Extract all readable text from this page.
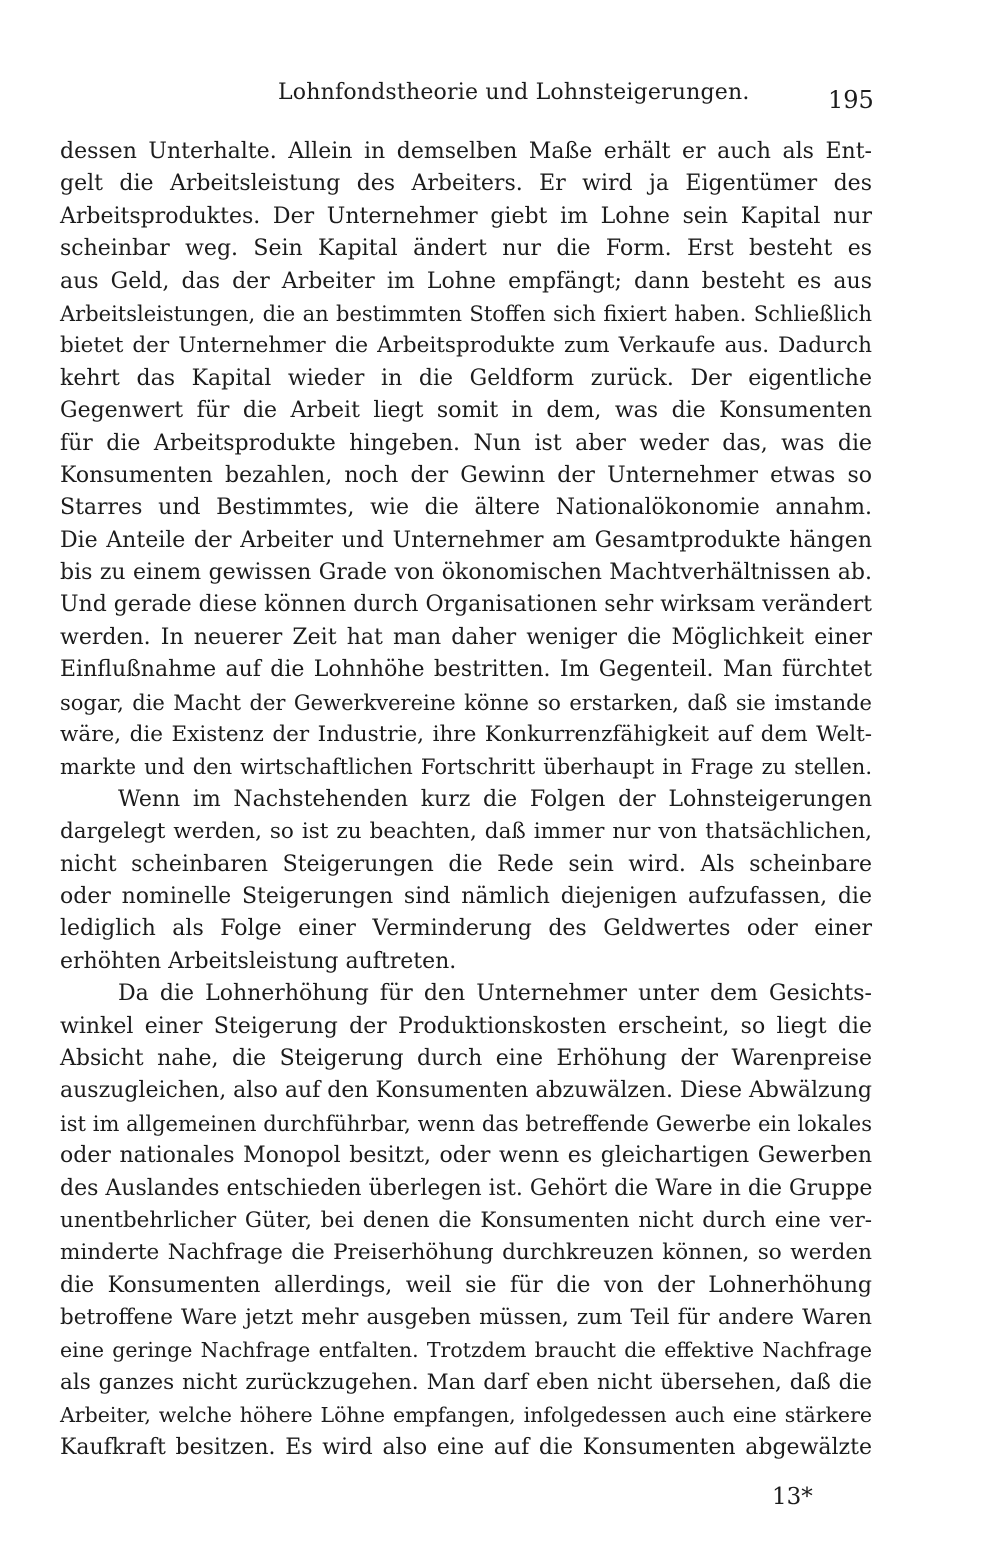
Lohnfondstheorie und Lohnsteigerungen.	195
dessen Unterhalte. Allein in demselben Maße erhält er auch als Ent-
gelt die Arbeitsleistung des Arbeiters. Er wird ja Eigentümer des
Arbeitsproduktes. Der Unternehmer giebt im Lohne sein Kapital nur
scheinbar weg. Sein Kapital ändert nur die Form. Erst besteht es
aus Geld, das der Arbeiter im Lohne empfängt; dann besteht es aus
Arbeitsleistungen, die an bestimmten Stoffen sich fixiert haben. Schließlich
bietet der Unternehmer die Arbeitsprodukte zum Verkaufe aus. Dadurch
kehrt das Kapital wieder in die Geldform zurück. Der eigentliche
Gegenwert für die Arbeit liegt somit in dem, was die Konsumenten
für die Arbeitsprodukte hingeben. Nun ist aber weder das, was die
Konsumenten bezahlen, noch der Gewinn der Unternehmer etwas so
Starres und Bestimmtes, wie die ältere Nationalökonomie annahm.
Die Anteile der Arbeiter und Unternehmer am Gesamtprodukte hängen
bis zu einem gewissen Grade von ökonomischen Machtverhältnissen ab.
Und gerade diese können durch Organisationen sehr wirksam verändert
werden. In neuerer Zeit hat man daher weniger die Möglichkeit einer
Einflußnahme auf die Lohnhöhe bestritten. Im Gegenteil. Man fürchtet
sogar, die Macht der Gewerkvereine könne so erstarken, daß sie imstande
wäre, die Existenz der Industrie, ihre Konkurrenzfähigkeit auf dem Welt-
markte und den wirtschaftlichen Fortschritt überhaupt in Frage zu stellen.
Wenn im Nachstehenden kurz die Folgen der Lohnsteigerungen
dargelegt werden, so ist zu beachten, daß immer nur von thatsächlichen,
nicht scheinbaren Steigerungen die Rede sein wird. Als scheinbare
oder nominelle Steigerungen sind nämlich diejenigen aufzufassen, die
lediglich als Folge einer Verminderung des Geldwertes oder einer
erhöhten Arbeitsleistung auftreten.
Da die Lohnerhöhung für den Unternehmer unter dem Gesichts-
winkel einer Steigerung der Produktionskosten erscheint, so liegt die
Absicht nahe, die Steigerung durch eine Erhöhung der Warenpreise
auszugleichen, also auf den Konsumenten abzuwälzen. Diese Abwälzung
ist im allgemeinen durchführbar, wenn das betreffende Gewerbe ein lokales
oder nationales Monopol besitzt, oder wenn es gleichartigen Gewerben
des Auslandes entschieden überlegen ist. Gehört die Ware in die Gruppe
unentbehrlicher Güter, bei denen die Konsumenten nicht durch eine ver-
minderte Nachfrage die Preiserhöhung durchkreuzen können, so werden
die Konsumenten allerdings, weil sie für die von der Lohnerhöhung
betroffene Ware jetzt mehr ausgeben müssen, zum Teil für andere Waren
eine geringe Nachfrage entfalten. Trotzdem braucht die effektive Nachfrage
als ganzes nicht zurückzugehen. Man darf eben nicht übersehen, daß die
Arbeiter, welche höhere Löhne empfangen, infolgedessen auch eine stärkere
Kaufkraft besitzen. Es wird also eine auf die Konsumenten abgewälzte
13*
